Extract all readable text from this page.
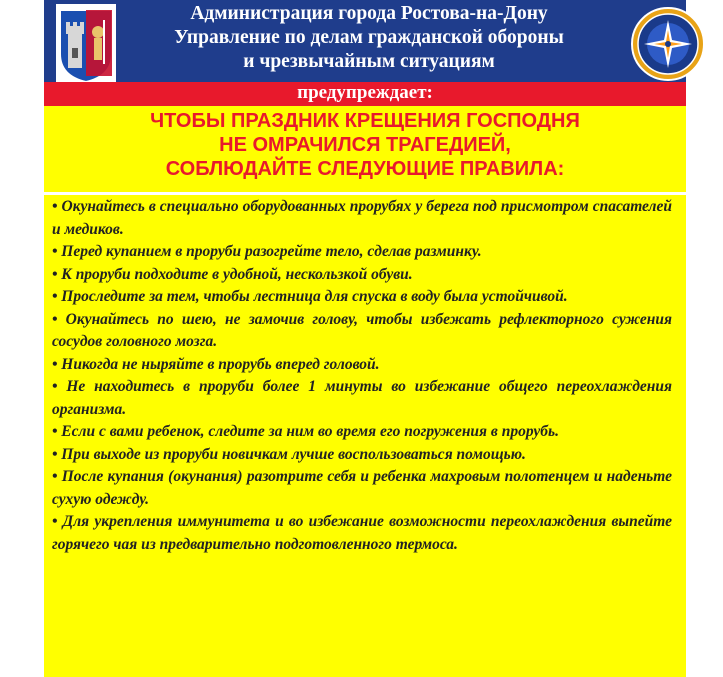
Администрация города Ростова-на-Дону
Управление по делам гражданской обороны
и чрезвычайным ситуациям
предупреждает:
ЧТОБЫ ПРАЗДНИК КРЕЩЕНИЯ ГОСПОДНЯ
НЕ ОМРАЧИЛСЯ ТРАГЕДИЕЙ,
СОБЛЮДАЙТЕ СЛЕДУЮЩИЕ ПРАВИЛА:

• Окунайтесь в специально оборудованных прорубях у берега под присмотром спасателей и медиков.

• Перед купанием в проруби разогрейте тело, сделав разминку.

• К проруби подходите в удобной, нескользкой обуви.

• Проследите за тем, чтобы лестница для спуска в воду была устойчивой.

• Окунайтесь по шею, не замочив голову, чтобы избежать рефлекторного сужения сосудов головного мозга.

• Никогда не ныряйте в прорубь вперед головой.

• Не находитесь в проруби более 1 минуты во избежание общего переохлаждения организма.

• Если с вами ребенок, следите за ним во время его погружения в прорубь.

• При выходе из проруби новичкам лучше воспользоваться помощью.

• После купания (окунания) разотрите себя и ребенка махровым полотенцем и наденьте сухую одежду.

• Для укрепления иммунитета и во избежание возможности переохлаждения выпейте горячего чая из предварительно подготовленного термоса.
